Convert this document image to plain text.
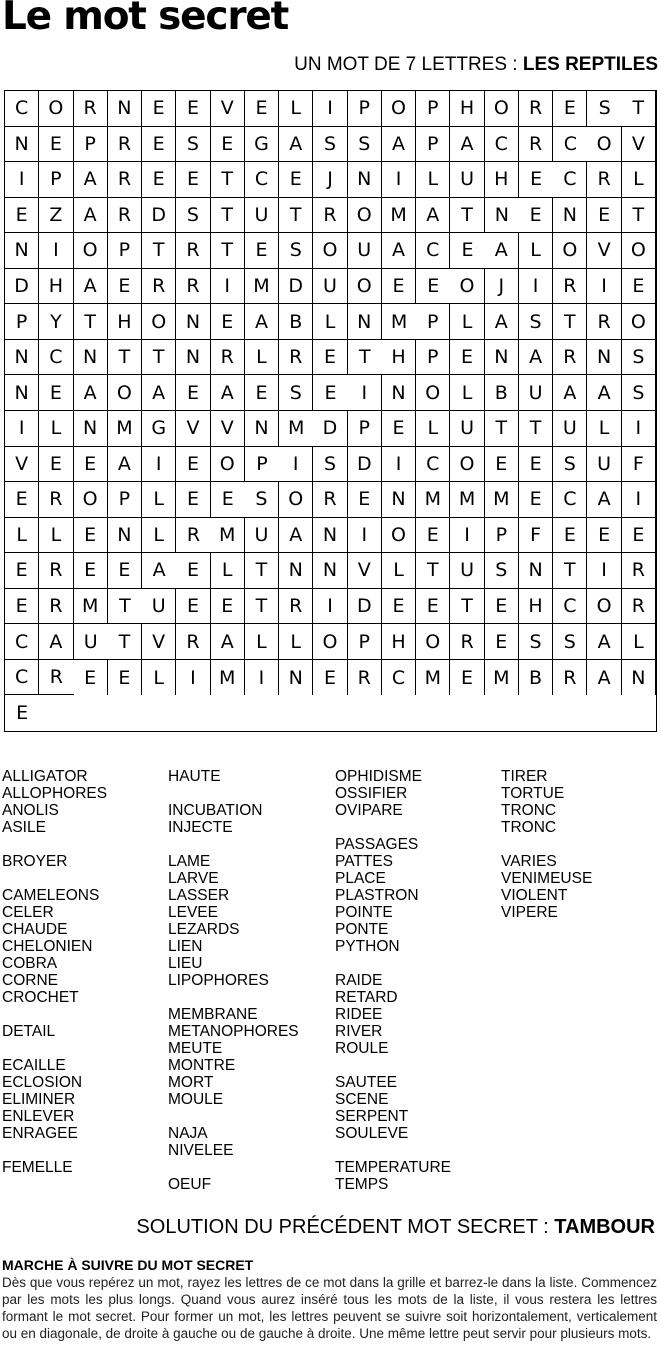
Le mot secret
UN MOT DE 7 LETTRES : LES REPTILES
C	O	R	N	E	E	V	E	L	I	P	O	P	H	O	R	E	S	T
N	E	P	R	E	S	E	G	A	S	S	A	P	A	C	R	C	O	V
I	P	A	R	E	E	T	C	E	J	N	I	L	U	H	E	C	R	L
E	Z	A	R	D	S	T	U	T	R	O M	A	T	N	E	N	E	T
N	I	O	P	T	R	T	E	S	O	U	A	C	E	A	L	O	V	O
D	H	A	E	R	R	I	M D	U	O	E	E	O	J	I	R	I	E
P	Y	T	H	O	N	E	A	B	L	N	M	P	L	A	S	T	R	O
N	C	N	T	T	N	R	L	R	E	T	H	P	E	N	A	R	N	S
N	E	A	O	A	E	A	E	S	E	I	N	O	L	B	U	A	A	S
I	L	N M G	V	V	N	M D	P	E	L	U	T	T	U	L	I
V	E	E	A	I	E	O	P	I	S	D	I	C	O	E	E	S	U	F
E	R	O	P	L	E	E	S	O	R	E	N M M M	E	C	A	I
L	L	E	N	L	R M	U	A	N	I	O	E	I	P	F	E	E	E
E	R	E	E	A	E	L	T	N	N	V	L	T	U	S	N	T	I	R
E	R	M	T	U	E	E	T	R	I	D	E	E	T	E	H	C	O	R
C	A	U	T	V	R	A	L	L	O	P	H	O	R	E	S	S	A	L
C	R	E	E	L	I	M	I	N	E	R	C	M	E	M	B	R	A	N
E
ALLIGATOR
ALLOPHORES
ANOLIS
ASILE
BROYER
CAMELEONS
CELER
CHAUDE
CHELONIEN
COBRA
CORNE
CROCHET
DETAIL
ECAILLE
ECLOSION
ELIMINER
ENLEVER
ENRAGEE
FEMELLE
HAUTE
INCUBATION
INJECTE
LAME
LARVE
LASSER
LEVEE
LEZARDS
LIEN
LIEU
LIPOPHORES
MEMBRANE
METANOPHORES
MEUTE
MONTRE
MORT
MOULE
NAJA
NIVELEE
OEUF
OPHIDISME
OSSIFIER
OVIPARE
PASSAGES
PATTES
PLACE
PLASTRON
POINTE
PONTE
PYTHON
RAIDE
RETARD
RIDEE
RIVER
ROULE
SAUTEE
SCENE
SERPENT
SOULEVE
TEMPERATURE
TEMPS
TIRER
TORTUE
TRONC
TRONC
VARIES
VENIMEUSE
VIOLENT
VIPERE
SOLUTION DU PRÉCÉDENT MOT SECRET : TAMBOUR
MARCHE À SUIVRE DU MOT SECRET
Dès que vous repérez un mot, rayez les lettres de ce mot dans la grille et barrez-le dans la liste. Commencez par les mots les plus longs. Quand vous aurez inséré tous les mots de la liste, il vous restera les lettres formant le mot secret. Pour former un mot, les lettres peuvent se suivre soit horizontalement, verticalement ou en diagonale, de droite à gauche ou de gauche à droite. Une même lettre peut servir pour plusieurs mots.
